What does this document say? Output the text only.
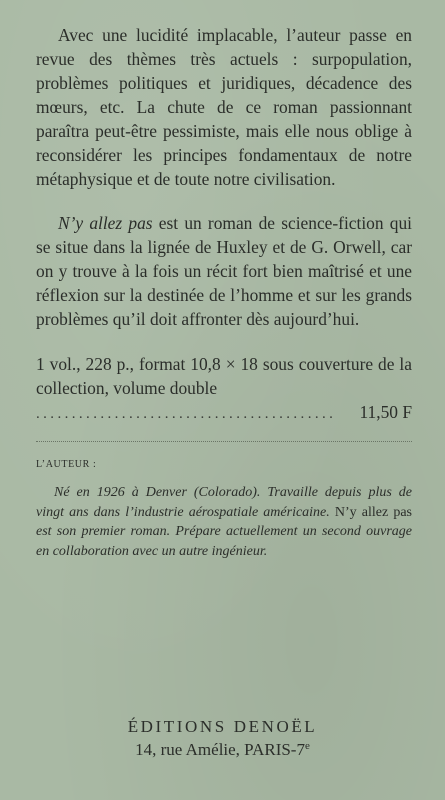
Avec une lucidité implacable, l’auteur passe en revue des thèmes très actuels : surpopulation, problèmes politiques et juridiques, décadence des mœurs, etc. La chute de ce roman passionnant paraîtra peut-être pessimiste, mais elle nous oblige à reconsidérer les principes fondamentaux de notre métaphysique et de toute notre civilisation.

N’y allez pas est un roman de science-fiction qui se situe dans la lignée de Huxley et de G. Orwell, car on y trouve à la fois un récit fort bien maîtrisé et une réflexion sur la destinée de l’homme et sur les grands problèmes qu’il doit affronter dès aujourd’hui.

1 vol., 228 p., format 10,8 × 18 sous couverture de la collection, volume double

..........................................	11,50 F

L’AUTEUR :

Né en 1926 à Denver (Colorado). Travaille depuis plus de vingt ans dans l’industrie aérospatiale américaine. N’y allez pas est son premier roman. Prépare actuellement un second ouvrage en collaboration avec un autre ingénieur.

ÉDITIONS DENOËL

14, rue Amélie, PARIS-7e
